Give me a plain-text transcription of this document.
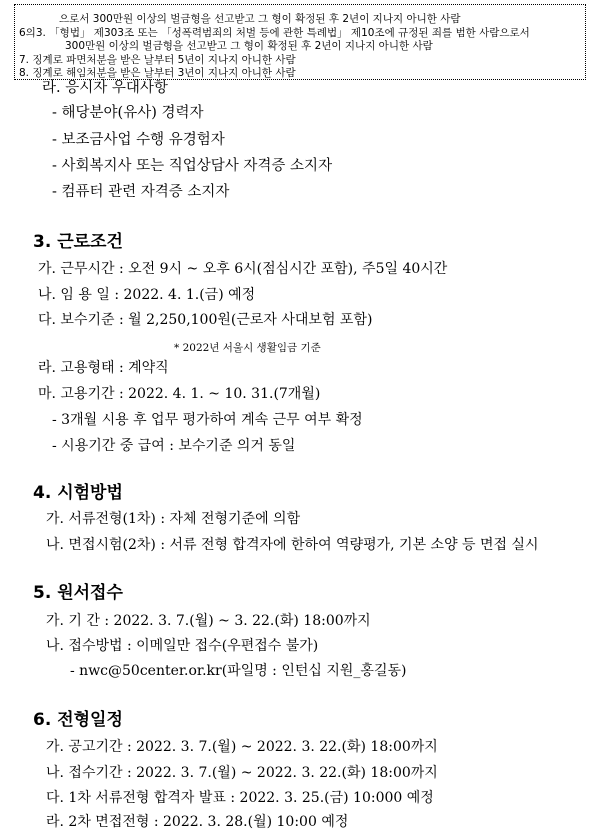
으로서 300만원 이상의 벌금형을 선고받고 그 형이 확정된 후 2년이 지나지 아니한 사람
6의3. 「형법」 제303조 또는 「성폭력범죄의 처벌 등에 관한 특례법」 제10조에 규정된 죄를 범한 사람으로서
300만원 이상의 벌금형을 선고받고 그 형이 확정된 후 2년이 지나지 아니한 사람
7. 징계로 파면처분을 받은 날부터 5년이 지나지 아니한 사람
8. 징계로 해임처분을 받은 날부터 3년이 지나지 아니한 사람
라. 응시자 우대사항
- 해당분야(유사) 경력자
- 보조금사업 수행 유경험자
- 사회복지사 또는 직업상담사 자격증 소지자
- 컴퓨터 관련 자격증 소지자
3. 근로조건
가. 근무시간 : 오전 9시 ~ 오후 6시(점심시간 포함), 주5일 40시간
나. 임 용 일 : 2022. 4. 1.(금) 예정
다. 보수기준 : 월 2,250,100원(근로자 사대보험 포함)
* 2022년 서울시 생활임금 기준
라. 고용형태 : 계약직
마. 고용기간 : 2022. 4. 1. ~ 10. 31.(7개월)
- 3개월 시용 후 업무 평가하여 계속 근무 여부 확정
- 시용기간 중 급여 : 보수기준 의거 동일
4. 시험방법
가. 서류전형(1차) : 자체 전형기준에 의함
나. 면접시험(2차) : 서류 전형 합격자에 한하여 역량평가, 기본 소양 등 면접 실시
5. 원서접수
가. 기 간 : 2022. 3. 7.(월) ~ 3. 22.(화) 18:00까지
나. 접수방법 : 이메일만 접수(우편접수 불가)
- nwc@50center.or.kr(파일명 : 인턴십 지원_홍길동)
6. 전형일정
가. 공고기간 : 2022. 3. 7.(월) ~ 2022. 3. 22.(화) 18:00까지
나. 접수기간 : 2022. 3. 7.(월) ~ 2022. 3. 22.(화) 18:00까지
다. 1차 서류전형 합격자 발표 : 2022. 3. 25.(금) 10:000 예정
라. 2차 면접전형 : 2022. 3. 28.(월) 10:00 예정
